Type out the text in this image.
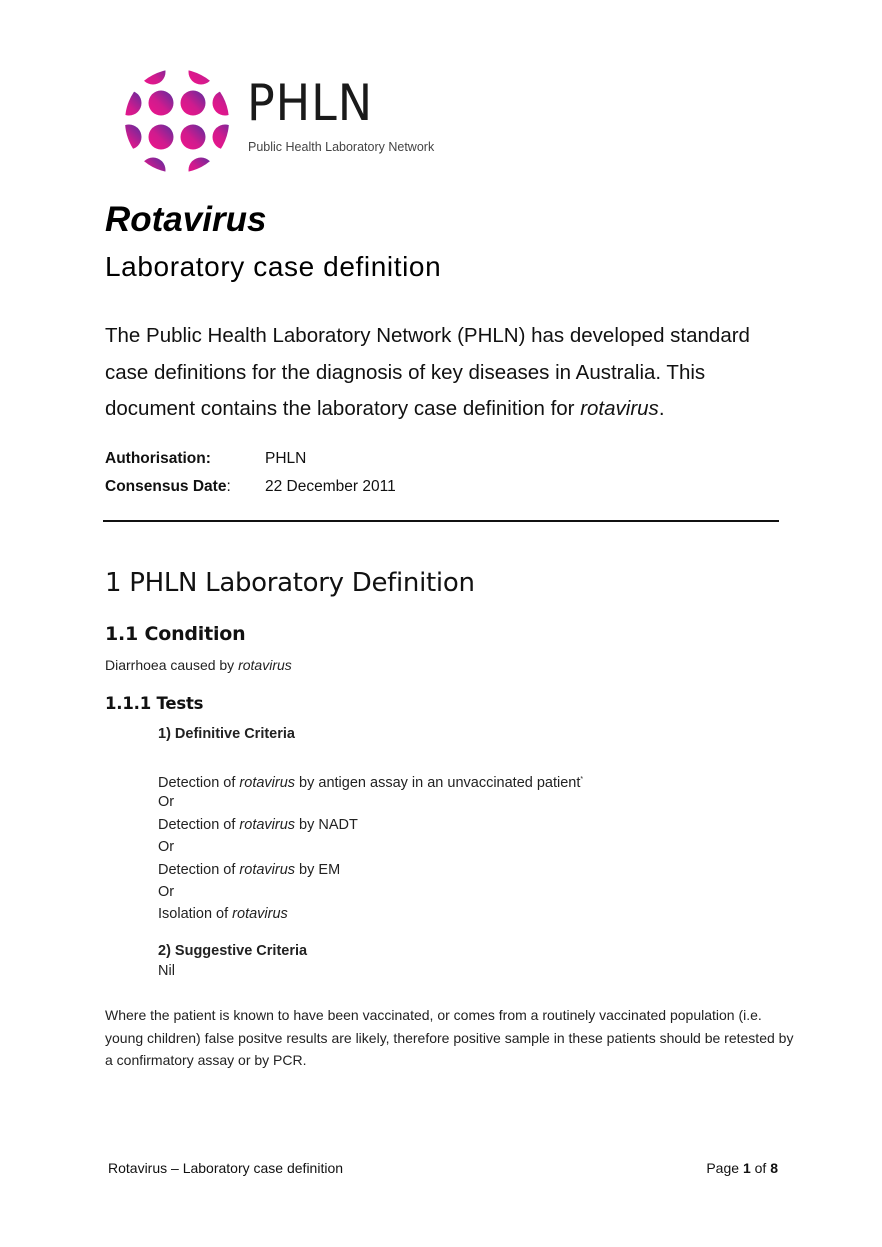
PHLN
Public Health Laboratory Network
Rotavirus
Laboratory case definition

The Public Health Laboratory Network (PHLN) has developed standard case definitions for the diagnosis of key diseases in Australia. This document contains the laboratory case definition for rotavirus.

Authorisation:	PHLN
Consensus Date:	22 December 2011
1 PHLN Laboratory Definition
1.1 Condition

Diarrhoea caused by rotavirus

1.1.1 Tests
1) Definitive Criteria
Detection of rotavirus by antigen assay in an unvaccinated patient*
Or
Detection of rotavirus by NADT
Or
Detection of rotavirus by EM
Or
Isolation of rotavirus
2) Suggestive Criteria
Nil

Where the patient is known to have been vaccinated, or comes from a routinely vaccinated population (i.e. young children) false positve results are likely, therefore positive sample in these patients should be retested by a confirmatory assay or by PCR.

Rotavirus – Laboratory case definition	Page 1 of 8
